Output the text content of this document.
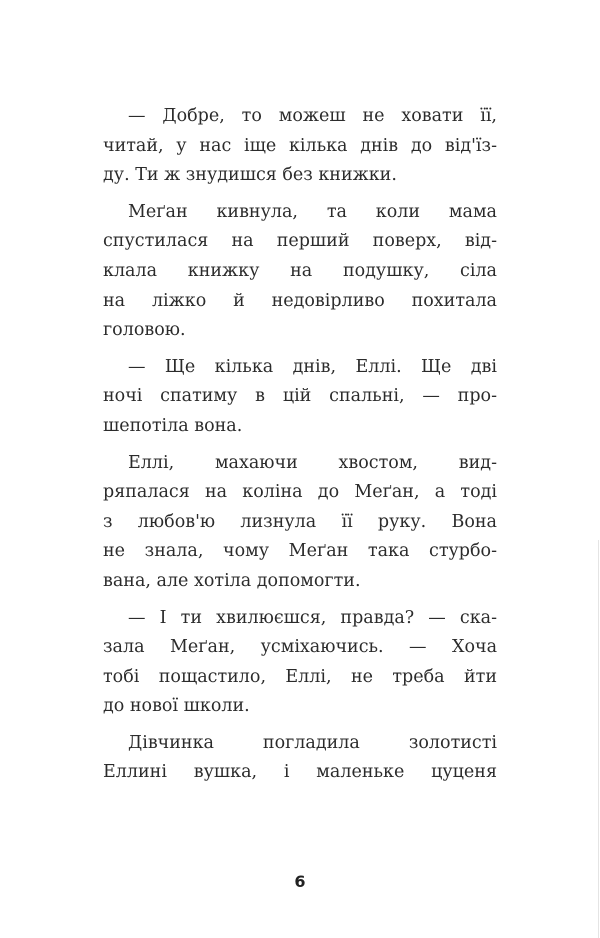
— Добре, то можеш не ховати її,
читай, у нас іще кілька днів до від'їз-
ду. Ти ж знудишся без книжки.
Меґан кивнула, та коли мама
спустилася на перший поверх, від-
клала книжку на подушку, сіла
на ліжко й недовірливо похитала
головою.
— Ще кілька днів, Еллі. Ще дві
ночі спатиму в цій спальні, — про-
шепотіла вона.
Еллі, махаючи хвостом, вид-
ряпалася на коліна до Меґан, а тоді
з любов'ю лизнула її руку. Вона
не знала, чому Меґан така стурбо-
вана, але хотіла допомогти.
— І ти хвилюєшся, правда? — ска-
зала Меґан, усміхаючись. — Хоча
тобі пощастило, Еллі, не треба йти
до нової школи.
Дівчинка погладила золотисті
Еллині вушка, і маленьке цуценя
6
